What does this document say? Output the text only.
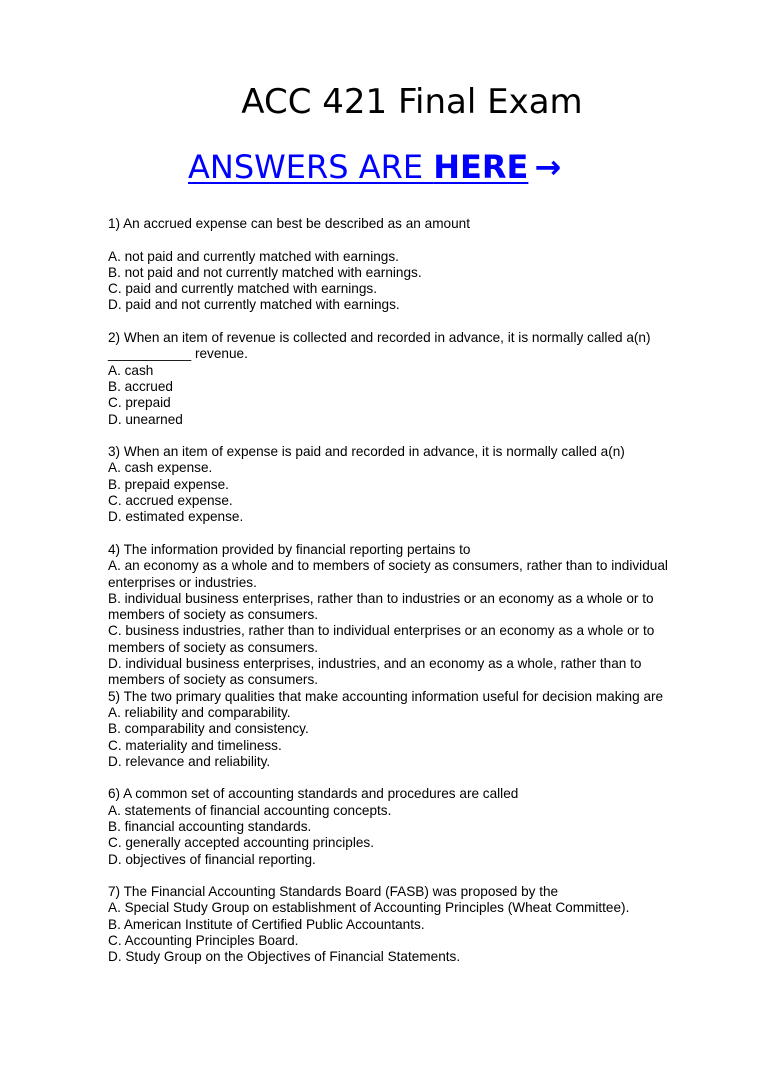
ACC 421 Final Exam
ANSWERS ARE HERE →
1) An accrued expense can best be described as an amount
A. not paid and currently matched with earnings.
B. not paid and not currently matched with earnings.
C. paid and currently matched with earnings.
D. paid and not currently matched with earnings.
2) When an item of revenue is collected and recorded in advance, it is normally called a(n)
___________ revenue.
A. cash
B. accrued
C. prepaid
D. unearned
3) When an item of expense is paid and recorded in advance, it is normally called a(n)
A. cash expense.
B. prepaid expense.
C. accrued expense.
D. estimated expense.
4) The information provided by financial reporting pertains to
A. an economy as a whole and to members of society as consumers, rather than to individual
enterprises or industries.
B. individual business enterprises, rather than to industries or an economy as a whole or to
members of society as consumers.
C. business industries, rather than to individual enterprises or an economy as a whole or to
members of society as consumers.
D. individual business enterprises, industries, and an economy as a whole, rather than to
members of society as consumers.
5) The two primary qualities that make accounting information useful for decision making are
A. reliability and comparability.
B. comparability and consistency.
C. materiality and timeliness.
D. relevance and reliability.
6) A common set of accounting standards and procedures are called
A. statements of financial accounting concepts.
B. financial accounting standards.
C. generally accepted accounting principles.
D. objectives of financial reporting.
7) The Financial Accounting Standards Board (FASB) was proposed by the
A. Special Study Group on establishment of Accounting Principles (Wheat Committee).
B. American Institute of Certified Public Accountants.
C. Accounting Principles Board.
D. Study Group on the Objectives of Financial Statements.
